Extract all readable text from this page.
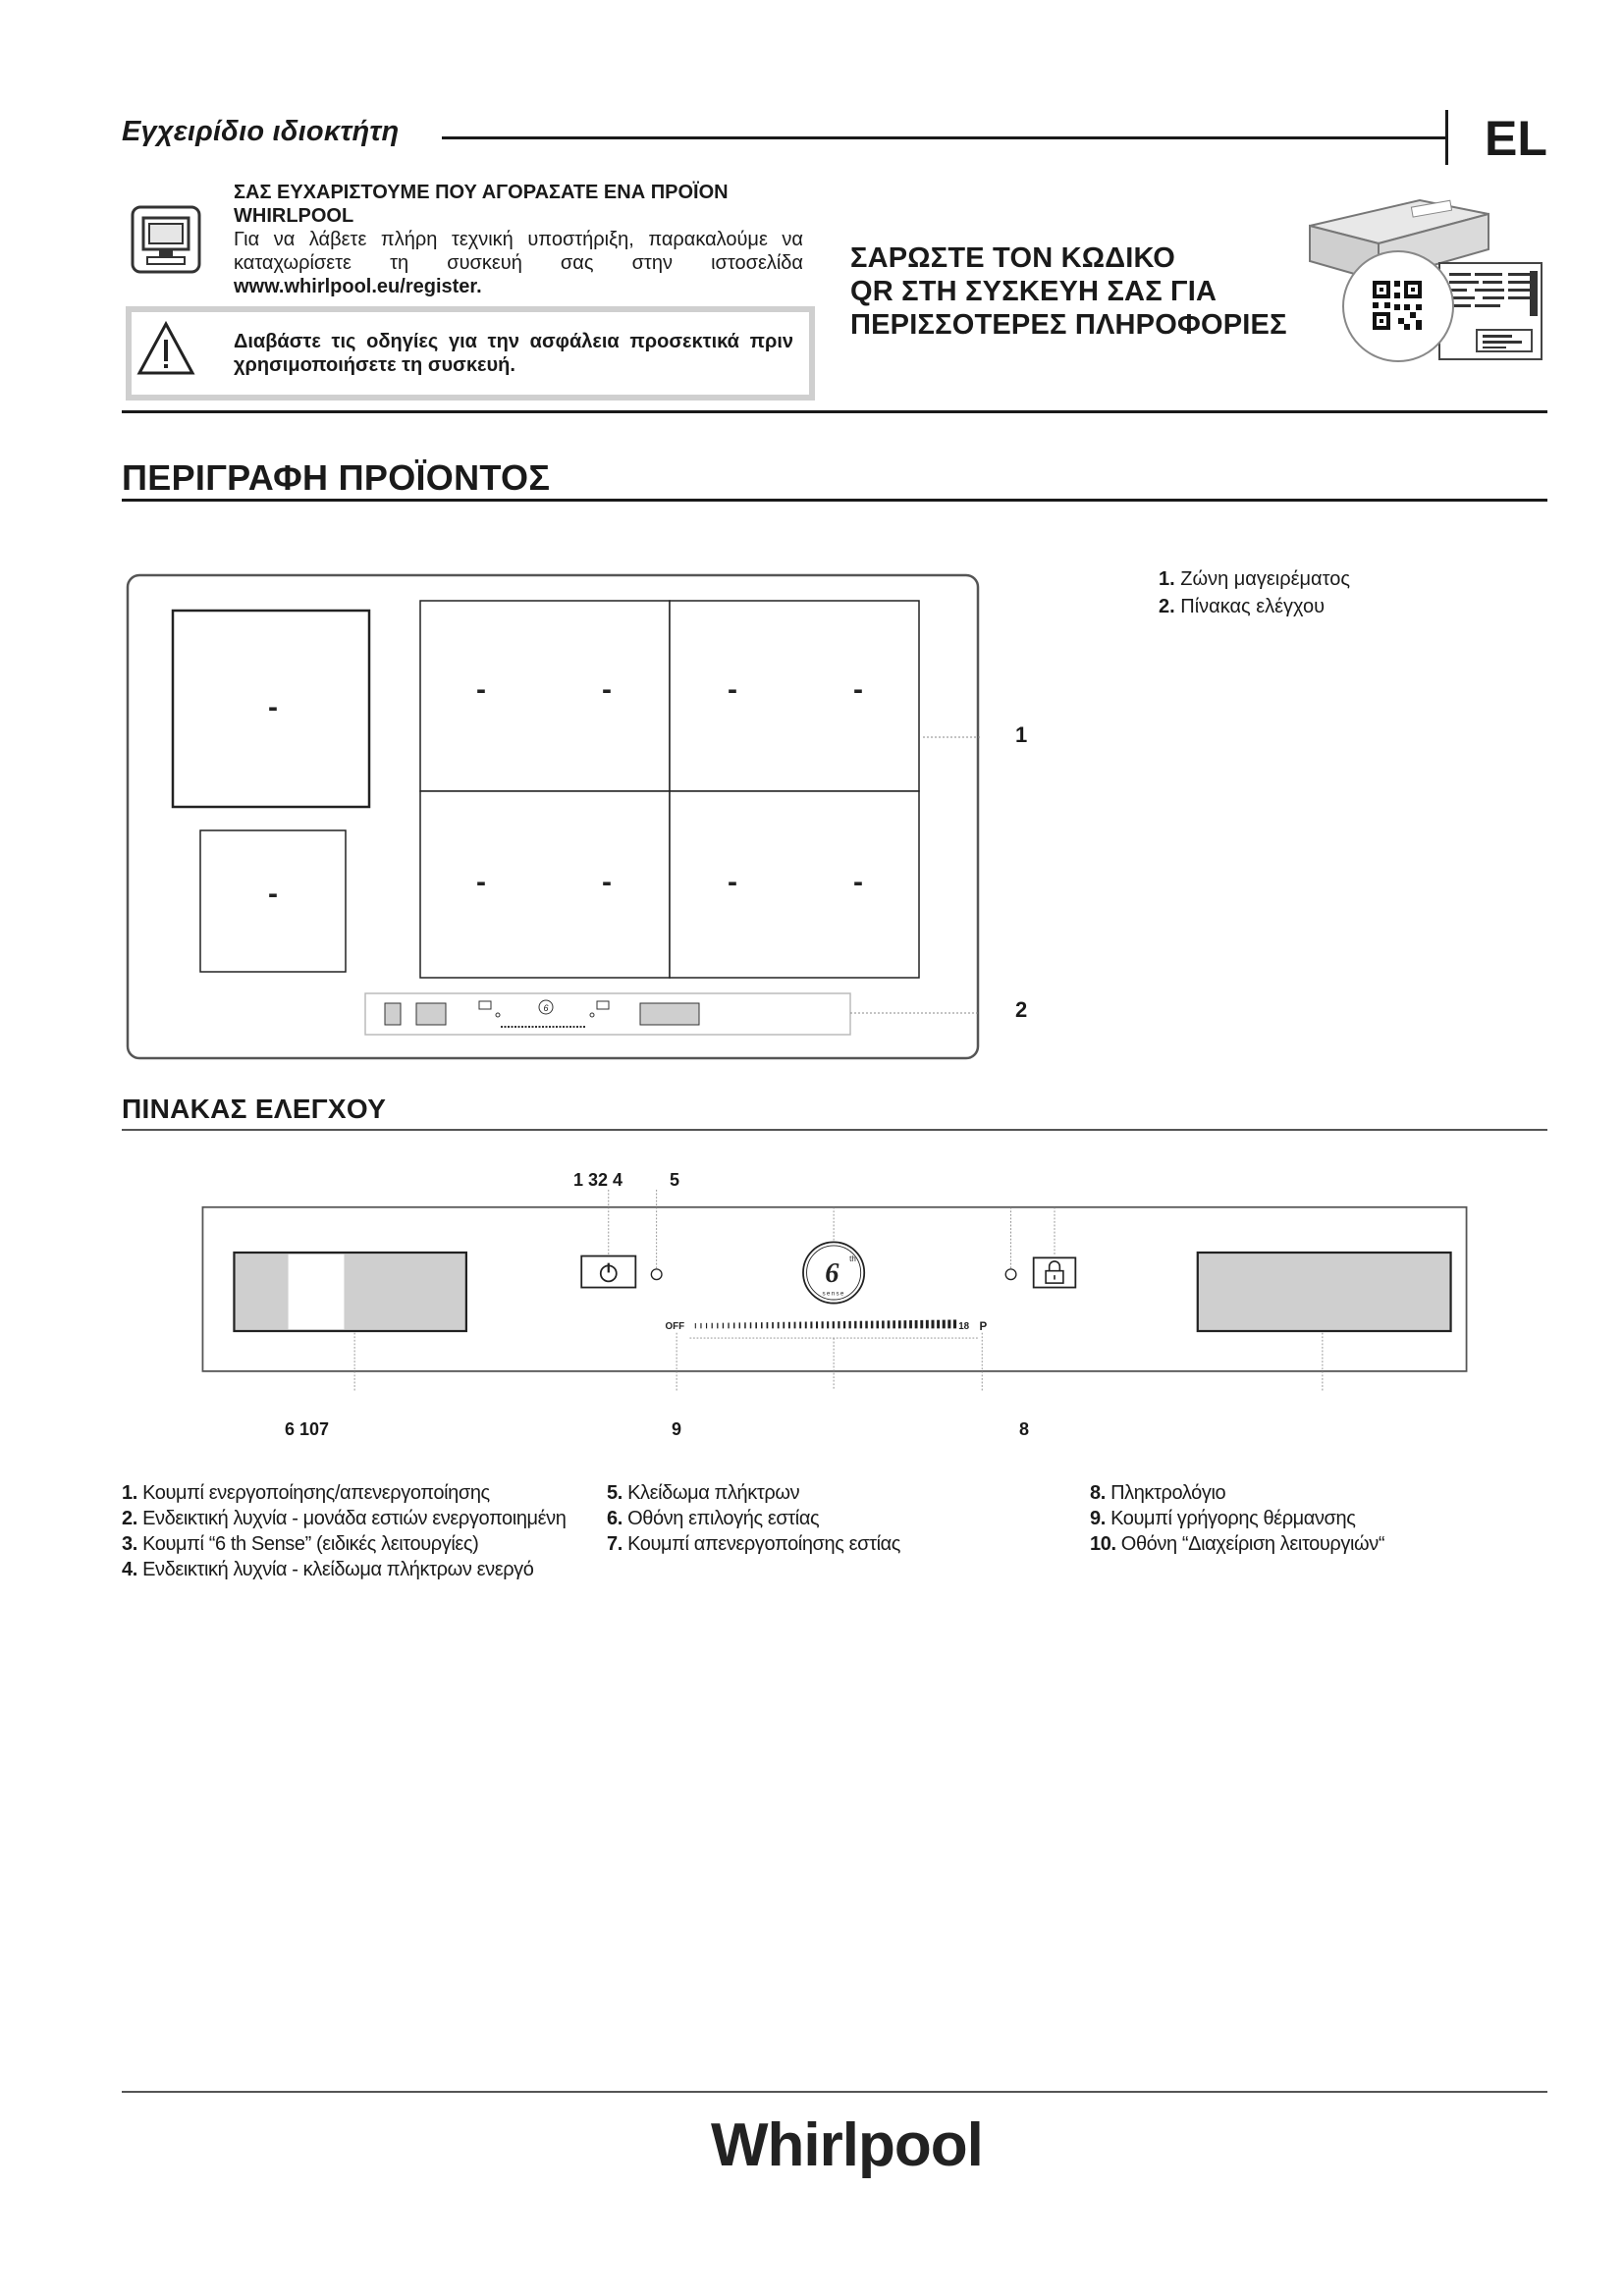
Εγχειρίδιο ιδιοκτήτη	EL
ΣΑΣ ΕΥΧΑΡΙΣΤΟΥΜΕ ΠΟΥ ΑΓΟΡΑΣΑΤΕ ΕΝΑ ΠΡΟΪΟΝ WHIRLPOOL
Για να λάβετε πλήρη τεχνική υποστήριξη, παρακαλούμε να καταχωρίσετε τη συσκευή σας στην ιστοσελίδα
www.whirlpool.eu/register.
Διαβάστε τις οδηγίες για την ασφάλεια προσεκτικά πριν χρησιμοποιήσετε τη συσκευή.
ΣΑΡΩΣΤΕ ΤΟΝ ΚΩΔΙΚΟ
QR ΣΤΗ ΣΥΣΚΕΥΗ ΣΑΣ ΓΙΑ
ΠΕΡΙΣΣΟΤΕΡΕΣ ΠΛΗΡΟΦΟΡΙΕΣ
ΠΕΡΙΓΡΑΦΗ ΠΡΟΪΟΝΤΟΣ
-
-
-	-	-	-
-	-	-	-
6
1
2
1. Ζώνη μαγειρέματος
2. Πίνακας ελέγχου
ΠΙΝΑΚΑΣ ΕΛΕΓΧΟΥ
1 32 4	5
6 th
sense
OFF	18 P
6 107	9	8
1. Κουμπί ενεργοποίησης/απενεργοποίησης
2. Ενδεικτική λυχνία - μονάδα εστιών ενεργοποιημένη
3. Κουμπί “6 th Sense” (ειδικές λειτουργίες)
4. Ενδεικτική λυχνία - κλείδωμα πλήκτρων ενεργό
5. Κλείδωμα πλήκτρων
6. Οθόνη επιλογής εστίας
7. Κουμπί απενεργοποίησης εστίας
8. Πληκτρολόγιο
9. Κουμπί γρήγορης θέρμανσης
10. Οθόνη “Διαχείριση λειτουργιών“
Whirlpool
